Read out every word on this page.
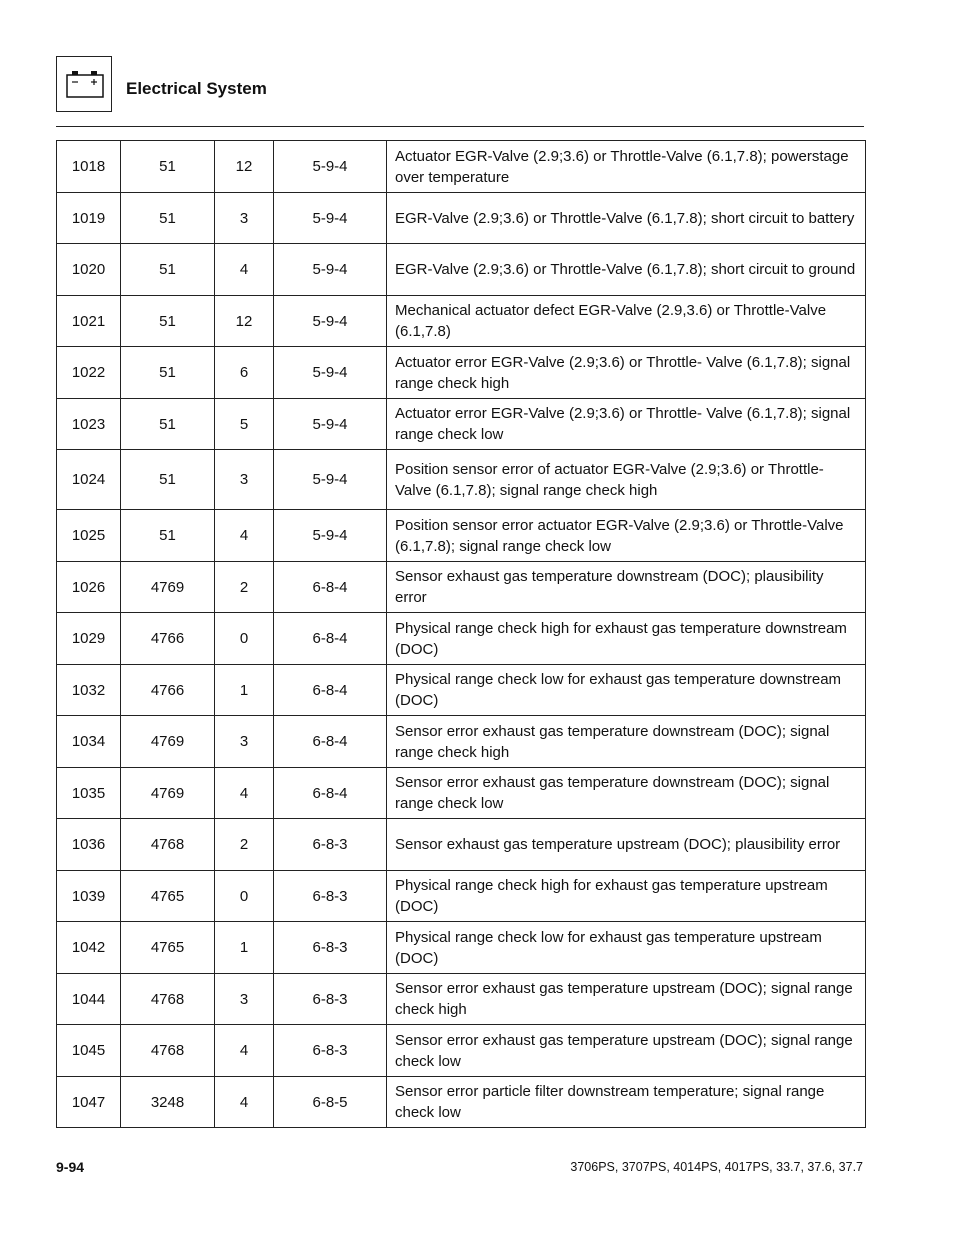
Electrical System
1018	51	12	5-9-4	Actuator EGR-Valve (2.9;3.6) or Throttle-Valve (6.1,7.8); powerstage over temperature
1019	51	3	5-9-4	EGR-Valve (2.9;3.6) or Throttle-Valve (6.1,7.8); short circuit to battery
1020	51	4	5-9-4	EGR-Valve (2.9;3.6) or Throttle-Valve (6.1,7.8); short circuit to ground
1021	51	12	5-9-4	Mechanical actuator defect EGR-Valve (2.9,3.6) or Throttle-Valve (6.1,7.8)
1022	51	6	5-9-4	Actuator error EGR-Valve (2.9;3.6) or Throttle- Valve (6.1,7.8); signal range check high
1023	51	5	5-9-4	Actuator error EGR-Valve (2.9;3.6) or Throttle- Valve (6.1,7.8); signal range check low
1024	51	3	5-9-4	Position sensor error of actuator EGR-Valve (2.9;3.6) or Throttle-Valve (6.1,7.8); signal range check high
1025	51	4	5-9-4	Position sensor error actuator EGR-Valve (2.9;3.6) or Throttle-Valve (6.1,7.8); signal range check low
1026	4769	2	6-8-4	Sensor exhaust gas temperature downstream (DOC); plausibility error
1029	4766	0	6-8-4	Physical range check high for exhaust gas temperature downstream (DOC)
1032	4766	1	6-8-4	Physical range check low for exhaust gas temperature downstream (DOC)
1034	4769	3	6-8-4	Sensor error exhaust gas temperature downstream (DOC); signal range check high
1035	4769	4	6-8-4	Sensor error exhaust gas temperature downstream (DOC); signal range check low
1036	4768	2	6-8-3	Sensor exhaust gas temperature upstream (DOC); plausibility error
1039	4765	0	6-8-3	Physical range check high for exhaust gas temperature upstream (DOC)
1042	4765	1	6-8-3	Physical range check low for exhaust gas temperature upstream (DOC)
1044	4768	3	6-8-3	Sensor error exhaust gas temperature upstream (DOC); signal range check high
1045	4768	4	6-8-3	Sensor error exhaust gas temperature upstream (DOC); signal range check low
1047	3248	4	6-8-5	Sensor error particle filter downstream temperature; signal range check low
9-94	3706PS, 3707PS, 4014PS, 4017PS, 33.7, 37.6, 37.7
